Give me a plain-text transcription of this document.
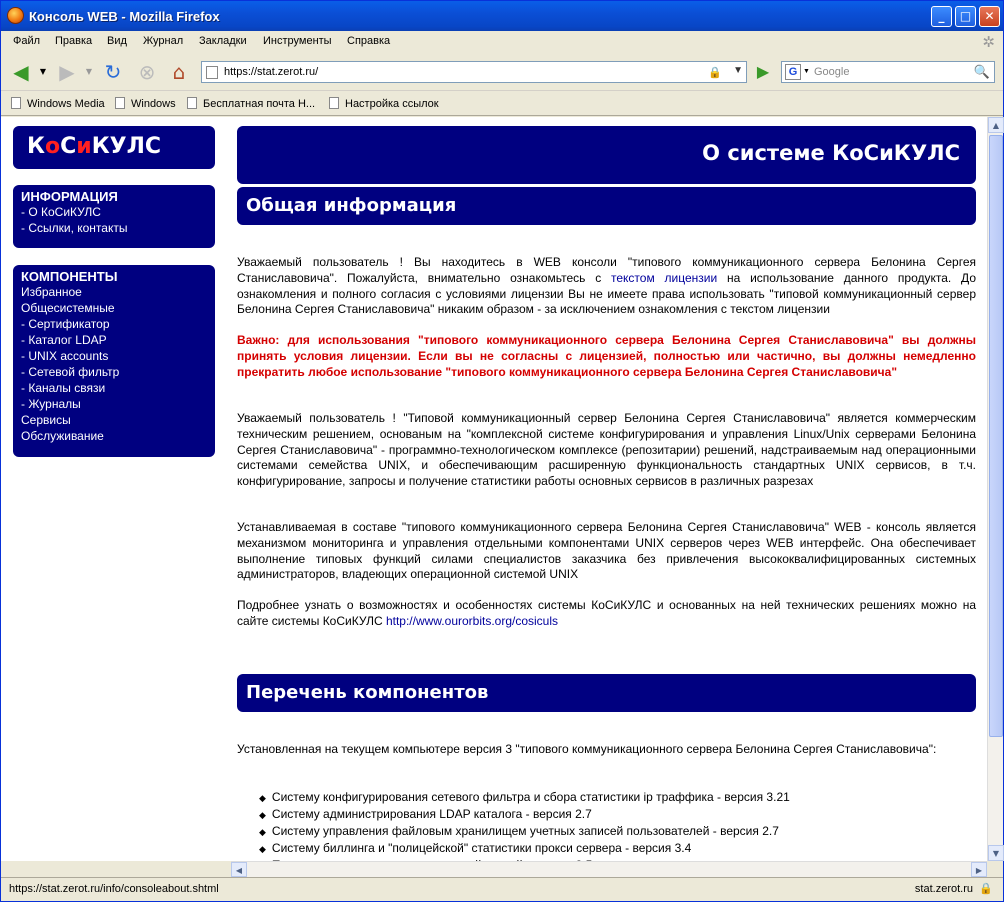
Консоль WEB - Mozilla Firefox	_	□	✕
Файл Правка Вид Журнал Закладки Инструменты Справка	✲
◀	▼ ▶	▼ ↻ ⊗ ⌂	https://stat.zerot.ru/	🔒 ▼ ▶	G ▼ Google	🔍
Windows Media	Windows	Бесплатная почта H...	Настройка ссылок
КоСиКУЛС
ИНФОРМАЦИЯ
- О КоСиКУЛС
- Ссылки, контакты
КОМПОНЕНТЫ
Избранное
Общесистемные
- Сертификатор
- Каталог LDAP
- UNIX accounts
- Сетевой фильтр
- Каналы связи
- Журналы
Сервисы
Обслуживание
О системе КоСиКУЛС
Общая информация
Уважаемый пользователь ! Вы находитесь в WEB консоли "типового коммуникационного сервера Белонина Сергея Станиславовича". Пожалуйста, внимательно ознакомьтесь с текстом лицензии на использование данного продукта. До ознакомления и полного согласия с условиями лицензии Вы не имеете права использовать "типовой коммуникационный сервер Белонина Сергея Станиславовича" никаким образом - за исключением ознакомления с текстом лицензии
Важно: для использования "типового коммуникационного сервера Белонина Сергея Станиславовича" вы должны принять условия лицензии. Если вы не согласны с лицензией, полностью или частично, вы должны немедленно прекратить любое использование "типового коммуникационного сервера Белонина Сергея Станиславовича"
Уважаемый пользователь ! "Типовой коммуникационный сервер Белонина Сергея Станиславовича" является коммерческим техническим решением, основаным на "комплексной системе конфигурирования и управления Linux/Unix серверами Белонина Сергея Станиславовича" - программно-технологическом комплексе (репозитарии) решений, надстраиваемым над операционными системами семейства UNIX, и обеспечивающим расширенную функциональность стандартных UNIX сервисов, в т.ч. конфигурирование, запросы и получение статистики работы основных сервисов в различных разрезах
Устанавливаемая в составе "типового коммуникационного сервера Белонина Сергея Станиславовича" WEB - консоль является механизмом мониторинга и управления отдельными компонентами UNIX серверов через WEB интерфейс. Она обеспечивает выполнение типовых функций силами специалистов заказчика без привлечения высококвалифицированных системных администраторов, владеющих операционной системой UNIX
Подробнее узнать о возможностях и особенностях системы КоСиКУЛС и основанных на ней технических решениях можно на сайте системы КоСиКУЛС http://www.ourorbits.org/cosiculs
Перечень компонентов
Установленная на текущем компьютере версия 3 "типового коммуникационного сервера Белонина Сергея Станиславовича":
◆ Систему конфигурирования сетевого фильтра и сбора статистики ip траффика - версия 3.21
◆ Систему администрирования LDAP каталога - версия 2.7
◆ Систему управления файловым хранилищем учетных записей пользователей - версия 2.7
◆ Систему биллинга и "полицейской" статистики прокси сервера - версия 3.4
◆
▲
▼
◀	▶
https://stat.zerot.ru/info/consoleabout.shtml	stat.zerot.ru 🔒
